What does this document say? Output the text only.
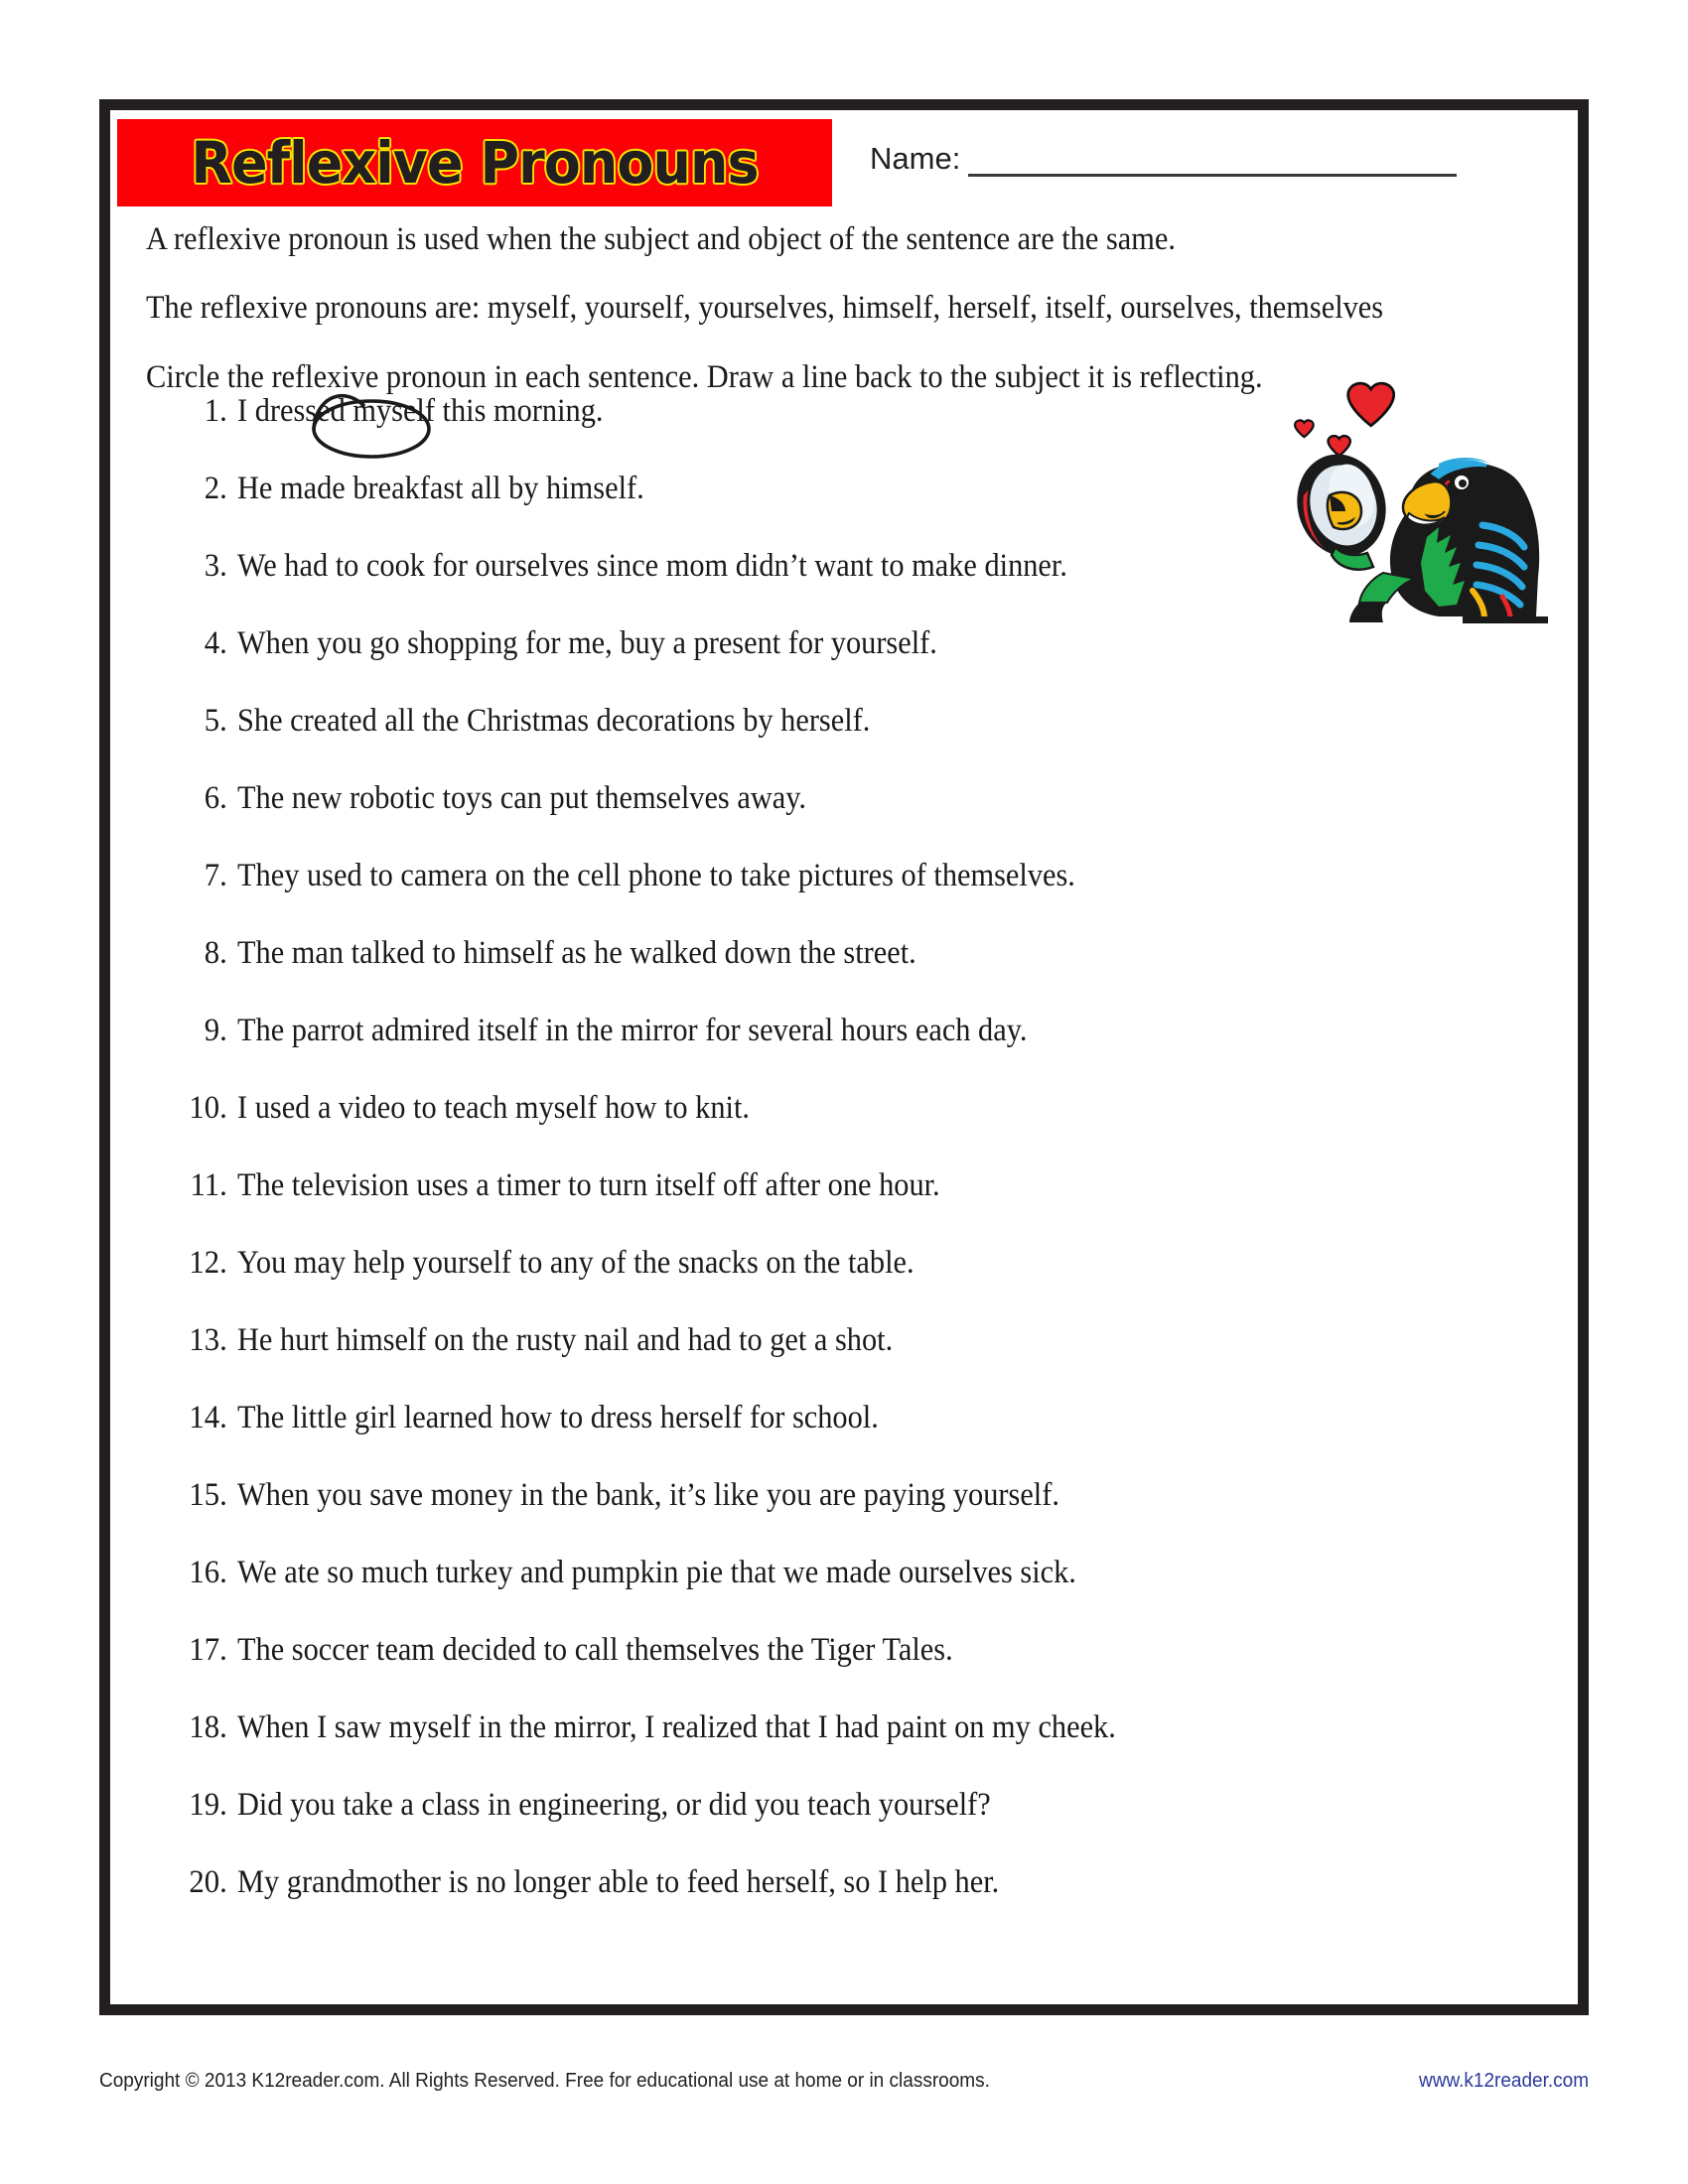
Reflexive Pronouns	Name:
A reflexive pronoun is used when the subject and object of the sentence are the same.
The reflexive pronouns are: myself, yourself, yourselves, himself, herself, itself, ourselves, themselves
Circle the reflexive pronoun in each sentence. Draw a line back to the subject it is reflecting.
1. I dressed myself this morning.
2. He made breakfast all by himself.
3. We had to cook for ourselves since mom didn’t want to make dinner.
4. When you go shopping for me, buy a present for yourself.
5. She created all the Christmas decorations by herself.
6. The new robotic toys can put themselves away.
7. They used to camera on the cell phone to take pictures of themselves.
8. The man talked to himself as he walked down the street.
9. The parrot admired itself in the mirror for several hours each day.
10. I used a video to teach myself how to knit.
11. The television uses a timer to turn itself off after one hour.
12. You may help yourself to any of the snacks on the table.
13. He hurt himself on the rusty nail and had to get a shot.
14. The little girl learned how to dress herself for school.
15. When you save money in the bank, it’s like you are paying yourself.
16. We ate so much turkey and pumpkin pie that we made ourselves sick.
17. The soccer team decided to call themselves the Tiger Tales.
18. When I saw myself in the mirror, I realized that I had paint on my cheek.
19. Did you take a class in engineering, or did you teach yourself?
20. My grandmother is no longer able to feed herself, so I help her.
Copyright © 2013 K12reader.com. All Rights Reserved. Free for educational use at home or in classrooms.	www.k12reader.com
